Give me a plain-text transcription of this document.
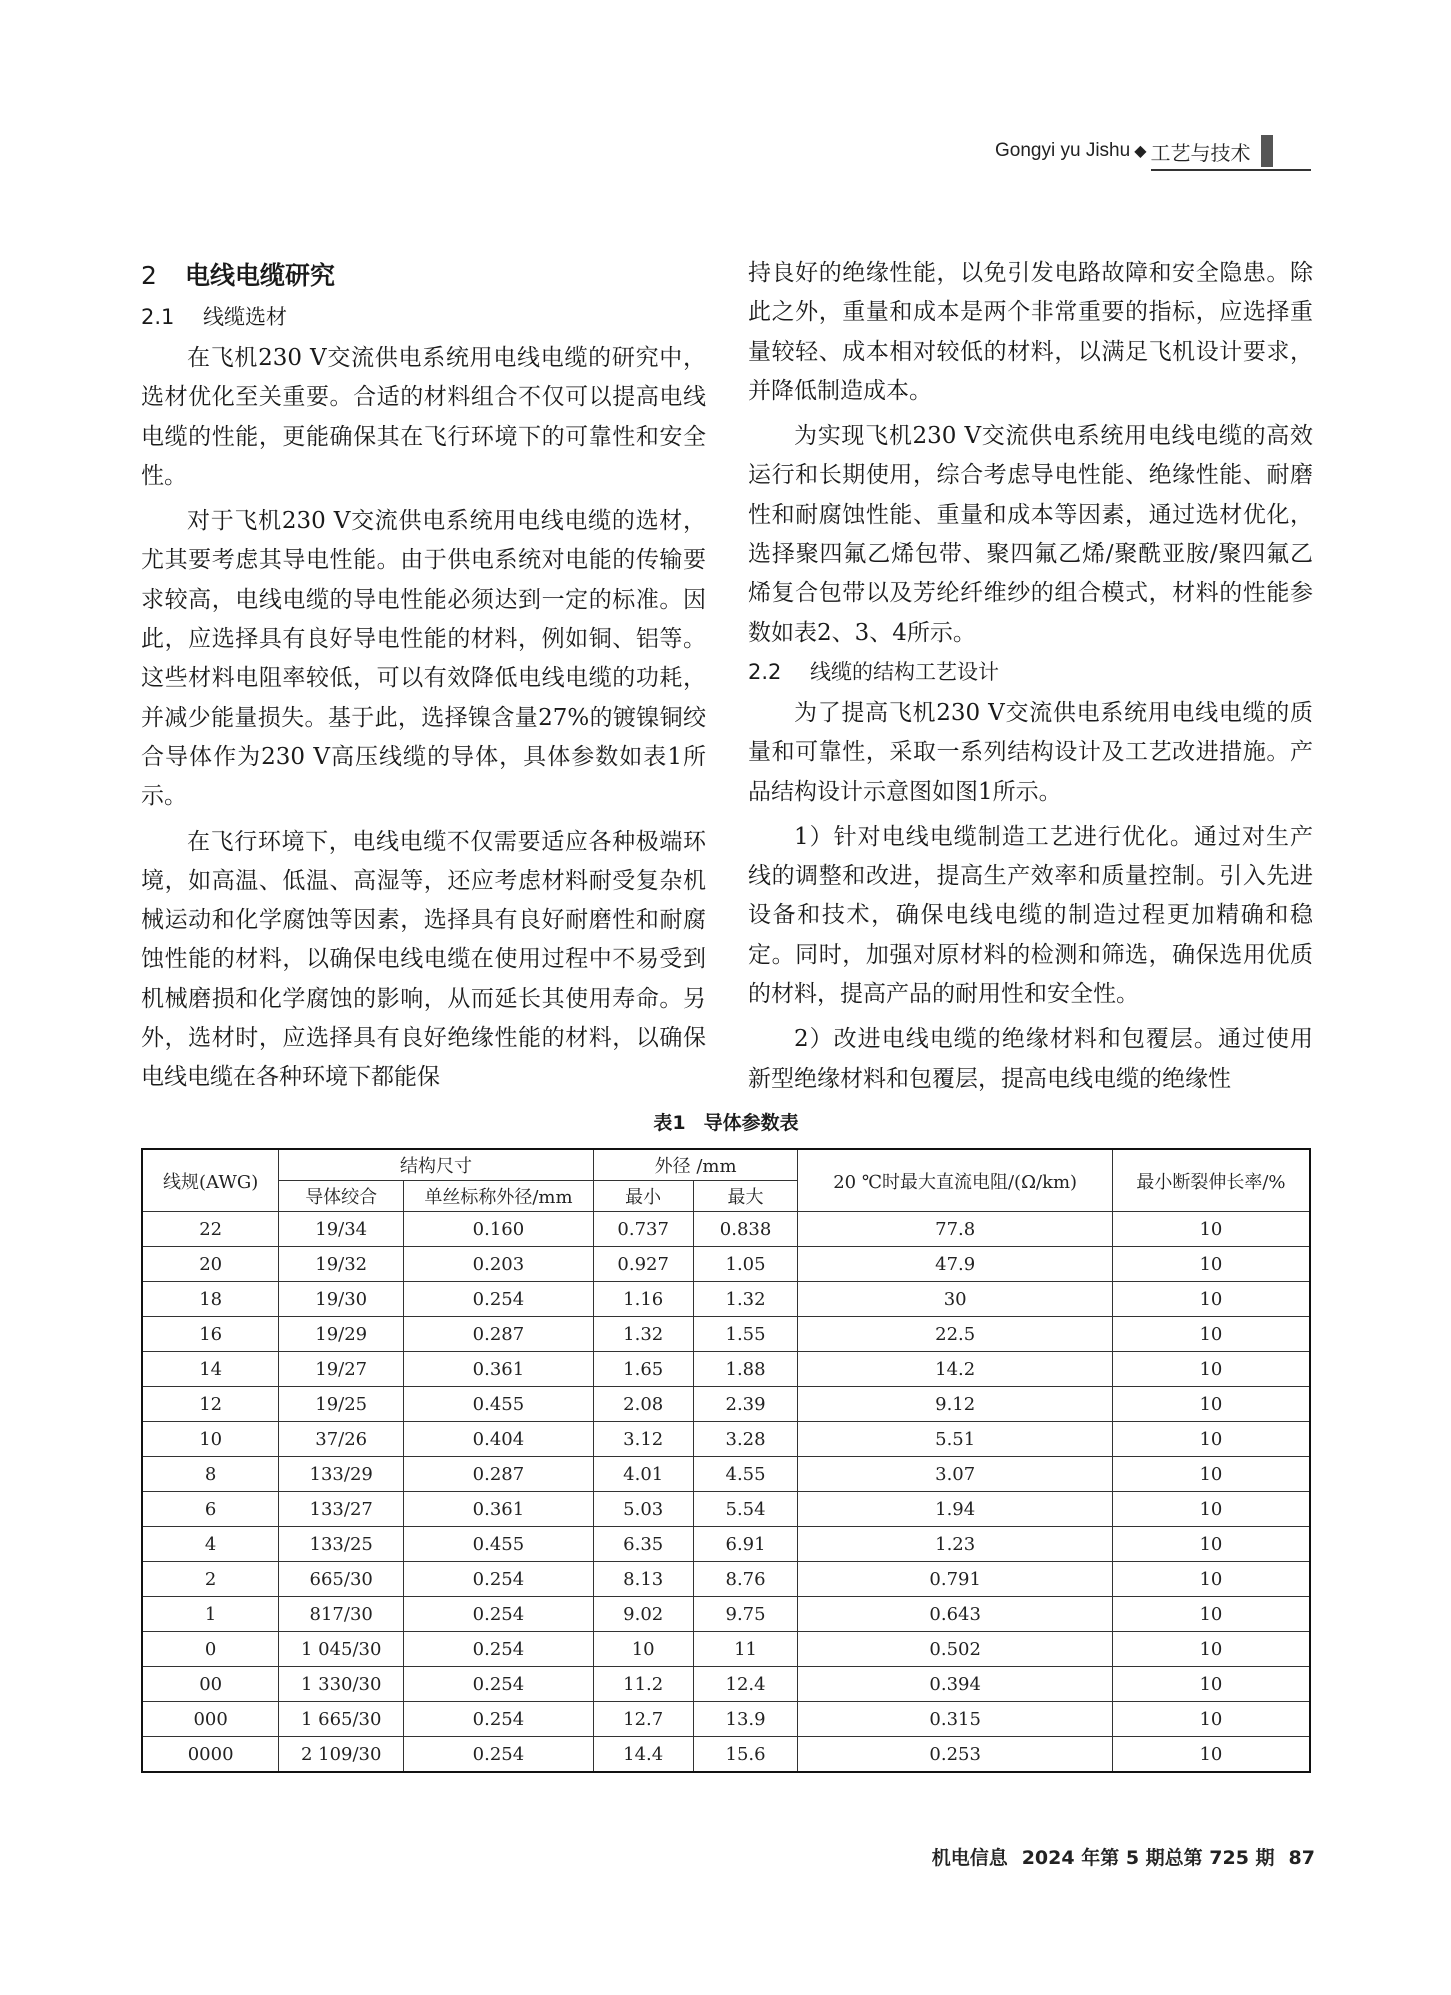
Gongyi yu Jishu ◆ 工艺与技术
2 电线电缆研究
2.1 线缆选材

在飞机230 V交流供电系统用电线电缆的研究中，选材优化至关重要。合适的材料组合不仅可以提高电线电缆的性能，更能确保其在飞行环境下的可靠性和安全性。

对于飞机230 V交流供电系统用电线电缆的选材，尤其要考虑其导电性能。由于供电系统对电能的传输要求较高，电线电缆的导电性能必须达到一定的标准。因此，应选择具有良好导电性能的材料，例如铜、铝等。这些材料电阻率较低，可以有效降低电线电缆的功耗，并减少能量损失。基于此，选择镍含量27%的镀镍铜绞合导体作为230 V高压线缆的导体，具体参数如表1所示。

在飞行环境下，电线电缆不仅需要适应各种极端环境，如高温、低温、高湿等，还应考虑材料耐受复杂机械运动和化学腐蚀等因素，选择具有良好耐磨性和耐腐蚀性能的材料，以确保电线电缆在使用过程中不易受到机械磨损和化学腐蚀的影响，从而延长其使用寿命。另外，选材时，应选择具有良好绝缘性能的材料，以确保电线电缆在各种环境下都能保

持良好的绝缘性能，以免引发电路故障和安全隐患。除此之外，重量和成本是两个非常重要的指标，应选择重量较轻、成本相对较低的材料，以满足飞机设计要求，并降低制造成本。

为实现飞机230 V交流供电系统用电线电缆的高效运行和长期使用，综合考虑导电性能、绝缘性能、耐磨性和耐腐蚀性能、重量和成本等因素，通过选材优化，选择聚四氟乙烯包带、聚四氟乙烯/聚酰亚胺/聚四氟乙烯复合包带以及芳纶纤维纱的组合模式，材料的性能参数如表2、3、4所示。

2.2 线缆的结构工艺设计

为了提高飞机230 V交流供电系统用电线电缆的质量和可靠性，采取一系列结构设计及工艺改进措施。产品结构设计示意图如图1所示。

1）针对电线电缆制造工艺进行优化。通过对生产线的调整和改进，提高生产效率和质量控制。引入先进设备和技术，确保电线电缆的制造过程更加精确和稳定。同时，加强对原材料的检测和筛选，确保选用优质的材料，提高产品的耐用性和安全性。

2）改进电线电缆的绝缘材料和包覆层。通过使用新型绝缘材料和包覆层，提高电线电缆的绝缘性

表1 导体参数表
线规(AWG)	结构尺寸		外径 /mm		20 ℃时最大直流电阻/(Ω/km)	最小断裂伸长率/%
	导体绞合	单丝标称外径/mm	最小	最大		
22	19/34	0.160	0.737	0.838	77.8	10
20	19/32	0.203	0.927	1.05	47.9	10
18	19/30	0.254	1.16	1.32	30	10
16	19/29	0.287	1.32	1.55	22.5	10
14	19/27	0.361	1.65	1.88	14.2	10
12	19/25	0.455	2.08	2.39	9.12	10
10	37/26	0.404	3.12	3.28	5.51	10
8	133/29	0.287	4.01	4.55	3.07	10
6	133/27	0.361	5.03	5.54	1.94	10
4	133/25	0.455	6.35	6.91	1.23	10
2	665/30	0.254	8.13	8.76	0.791	10
1	817/30	0.254	9.02	9.75	0.643	10
0	1 045/30	0.254	10	11	0.502	10
00	1 330/30	0.254	11.2	12.4	0.394	10
000	1 665/30	0.254	12.7	13.9	0.315	10
0000	2 109/30	0.254	14.4	15.6	0.253	10
机电信息 2024 年第 5 期总第 725 期 87
